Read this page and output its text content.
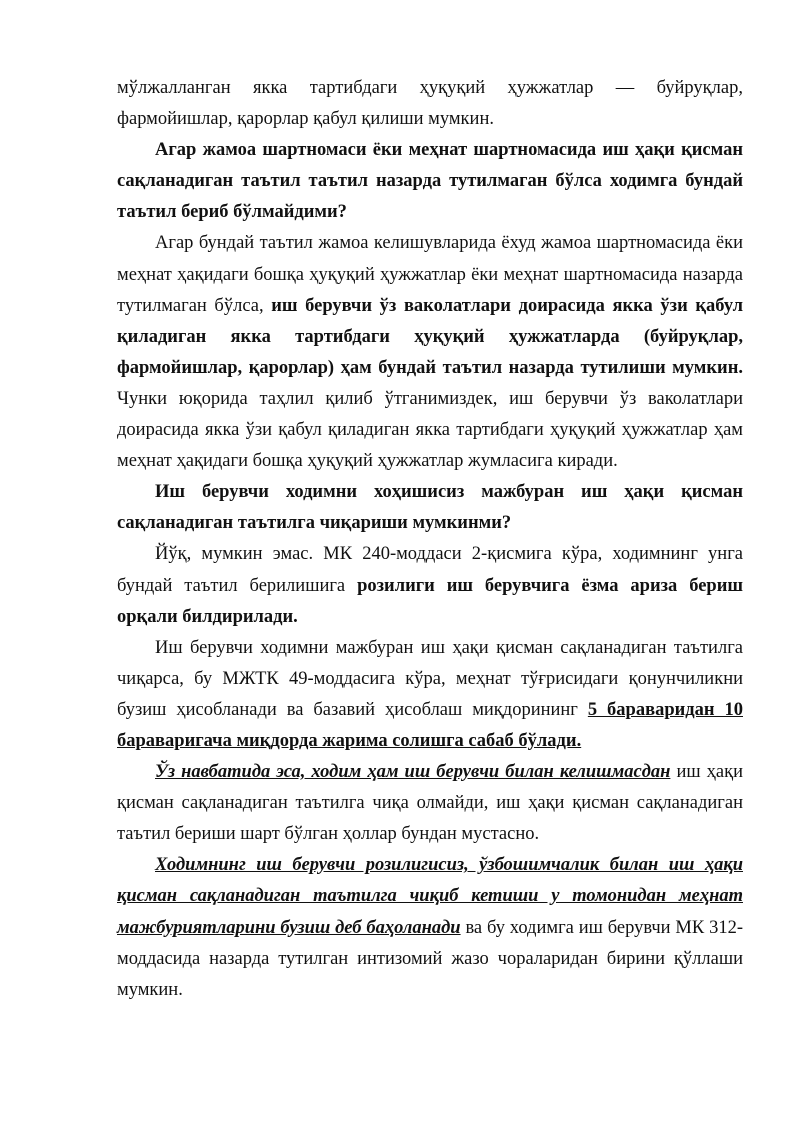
мўлжалланган якка тартибдаги ҳуқуқий ҳужжатлар — буйруқлар, фармойишлар, қарорлар қабул қилиши мумкин.

Агар жамоа шартномаси ёки меҳнат шартномасида иш ҳақи қисман сақланадиган таътил таътил назарда тутилмаган бўлса ходимга бундай таътил бериб бўлмайдими?

Агар бундай таътил жамоа келишувларида ёхуд жамоа шартномасида ёки меҳнат ҳақидаги бошқа ҳуқуқий ҳужжатлар ёки меҳнат шартномасида назарда тутилмаган бўлса, иш берувчи ўз ваколатлари доирасида якка ўзи қабул қиладиган якка тартибдаги ҳуқуқий ҳужжатларда (буйруқлар, фармойишлар, қарорлар) ҳам бундай таътил назарда тутилиши мумкин. Чунки юқорида таҳлил қилиб ўтганимиздек, иш берувчи ўз ваколатлари доирасида якка ўзи қабул қиладиган якка тартибдаги ҳуқуқий ҳужжатлар ҳам меҳнат ҳақидаги бошқа ҳуқуқий ҳужжатлар жумласига киради.

Иш берувчи ходимни хоҳишисиз мажбуран иш ҳақи қисман сақланадиган таътилга чиқариши мумкинми?

Йўқ, мумкин эмас. МК 240-моддаси 2-қисмига кўра, ходимнинг унга бундай таътил берилишига розилиги иш берувчига ёзма ариза бериш орқали билдирилади.

Иш берувчи ходимни мажбуран иш ҳақи қисман сақланадиган таътилга чиқарса, бу МЖТК 49-моддасига кўра, меҳнат тўғрисидаги қонунчиликни бузиш ҳисобланади ва базавий ҳисоблаш миқдорининг 5 бараваридан 10 бараваригача миқдорда жарима солишга сабаб бўлади.

Ўз навбатида эса, ходим ҳам иш берувчи билан келишмасдан иш ҳақи қисман сақланадиган таътилга чиқа олмайди, иш ҳақи қисман сақланадиган таътил бериши шарт бўлган ҳоллар бундан мустасно.

Ходимнинг иш берувчи розилигисиз, ўзбошимчалик билан иш ҳақи қисман сақланадиган таътилга чиқиб кетиши у томонидан меҳнат мажбуриятларини бузиш деб баҳоланади ва бу ходимга иш берувчи МК 312-моддасида назарда тутилган интизомий жазо чораларидан бирини қўллаши мумкин.
